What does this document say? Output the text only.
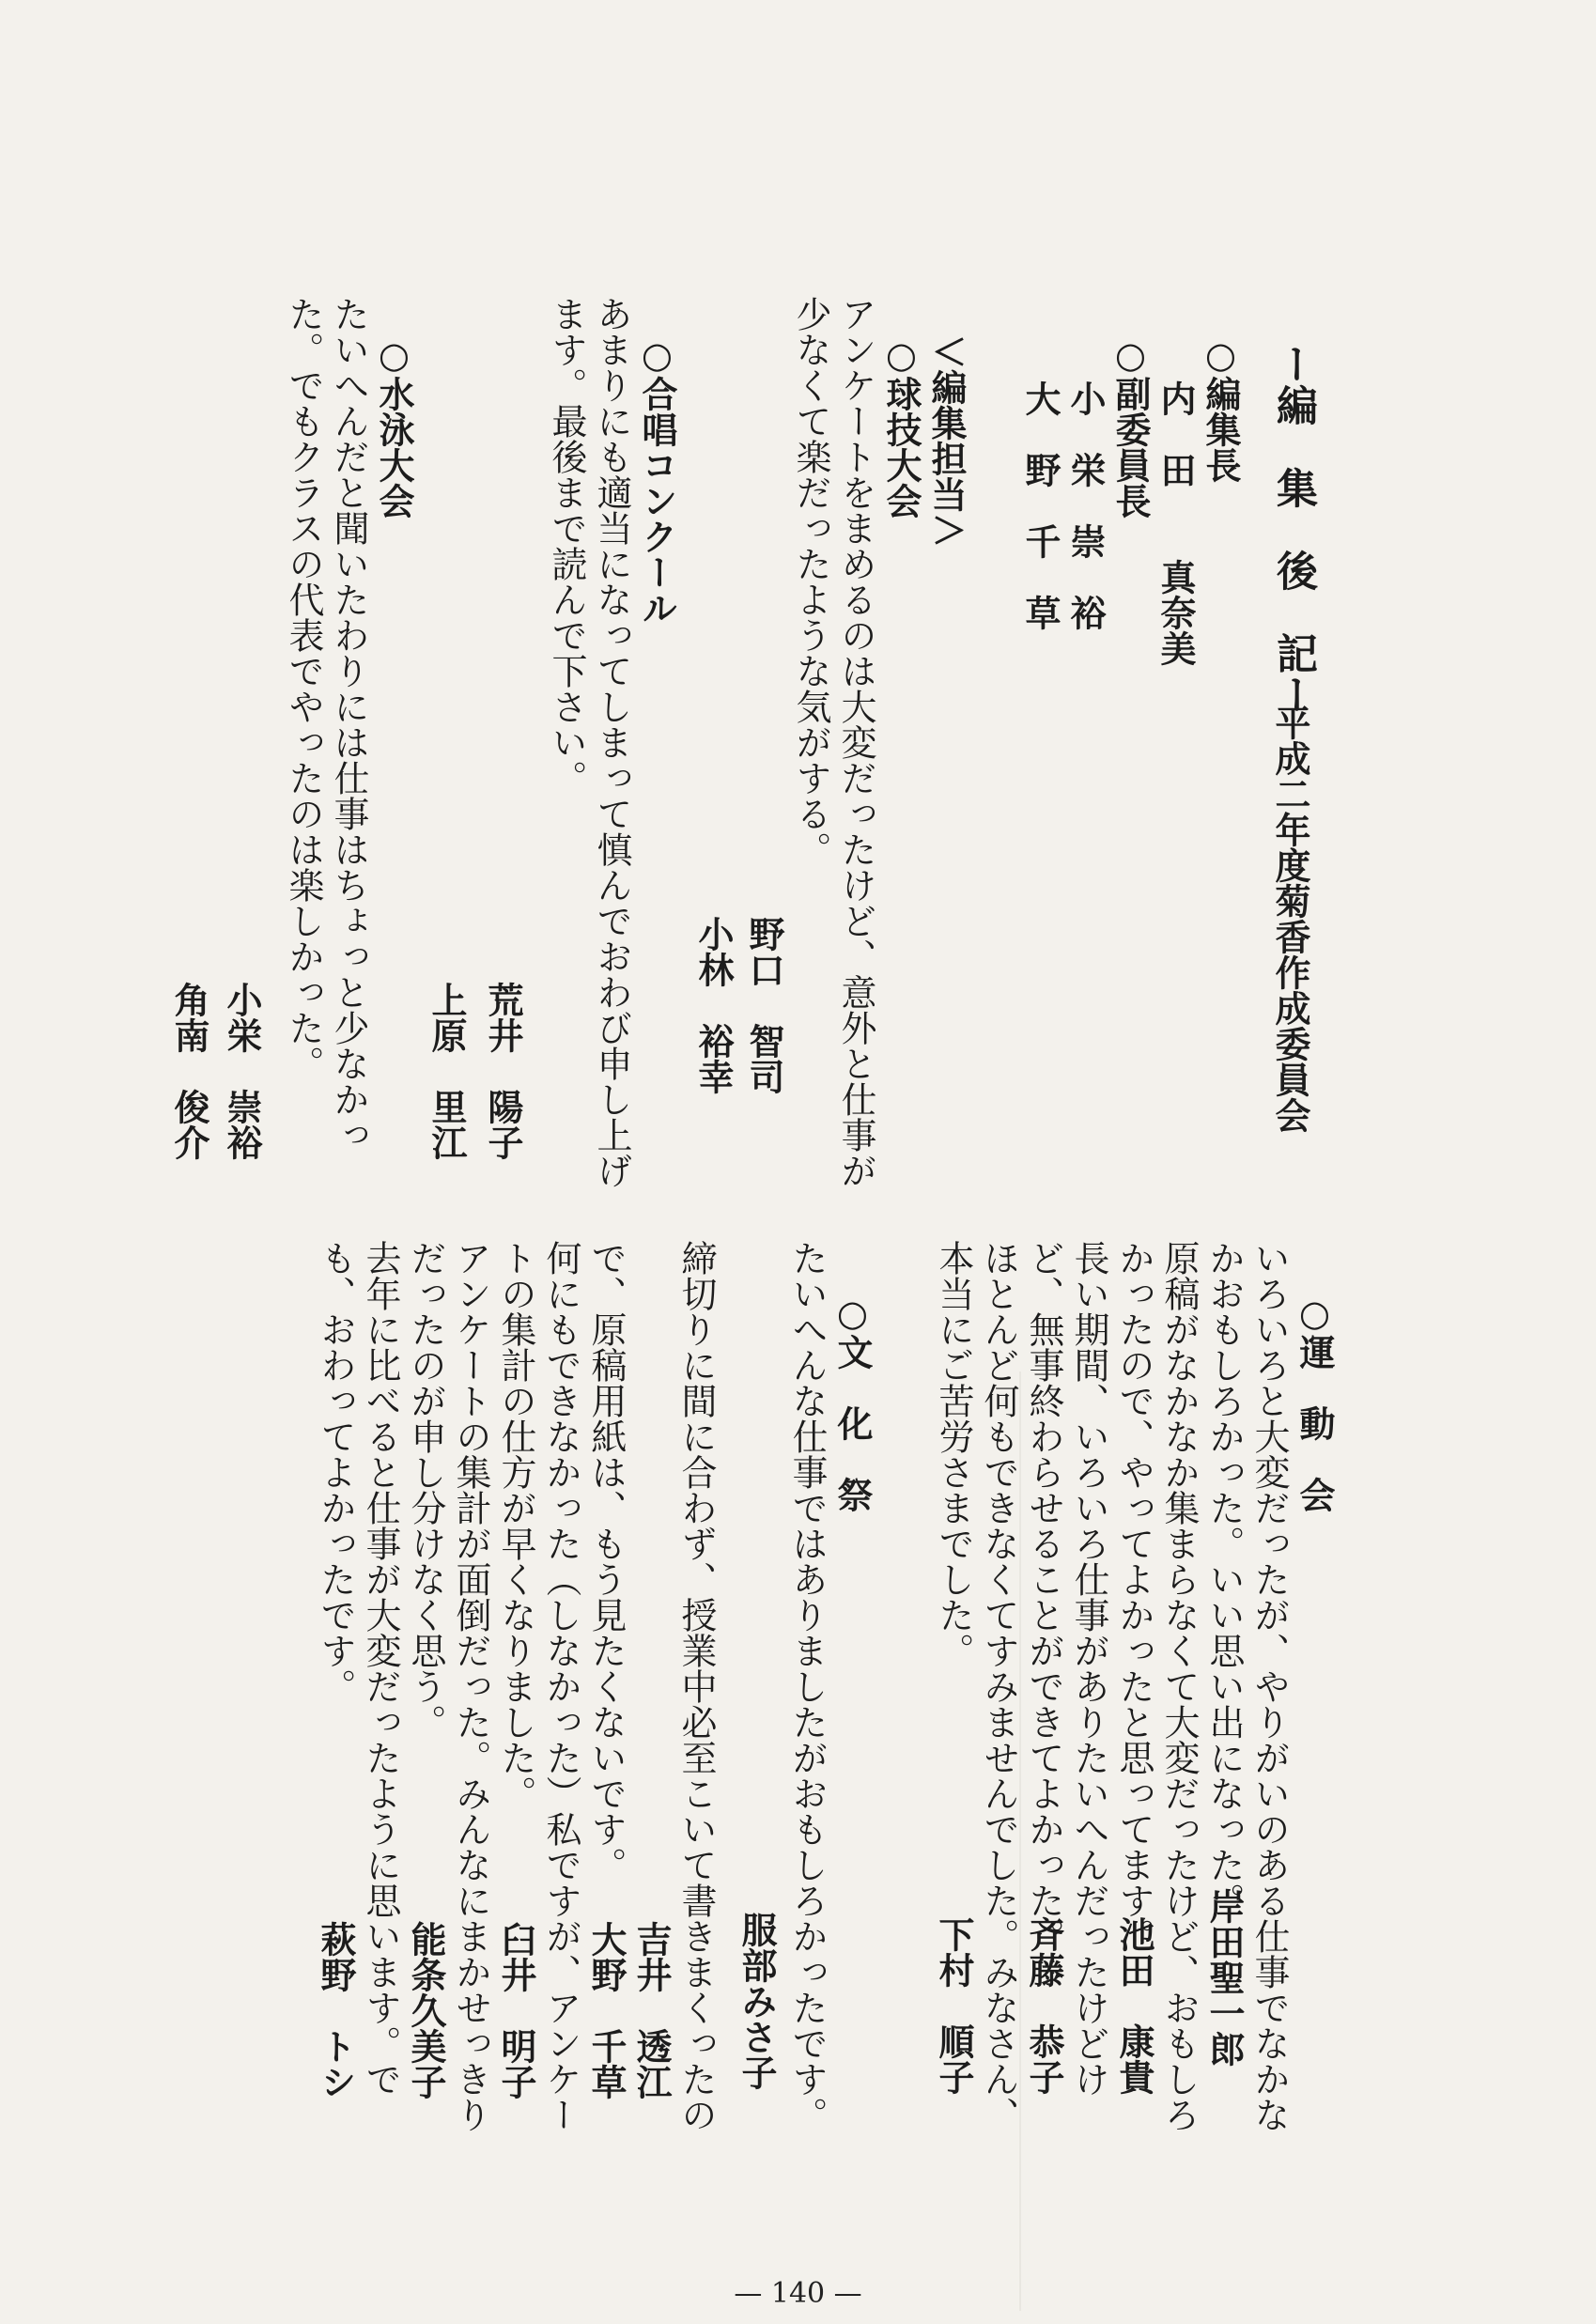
ー編　集　後　記ー
平成二年度菊香作成委員会
○編集長
内　田　　真奈美
○副委員長
小　栄　崇　裕
大　野　千　草
＜編集担当＞
○球技大会
アンケートをまめるのは大変だったけど、意外と仕事が
少なくて楽だったような気がする。
野口　智司
小林　裕幸
○合唱コンクール
あまりにも適当になってしまって慎んでおわび申し上げ
ます。最後まで読んで下さい。
荒井　陽子
上原　里江
○水泳大会
たいへんだと聞いたわりには仕事はちょっと少なかっ
た。でもクラスの代表でやったのは楽しかった。
小栄　崇裕
角南　俊介
○運　動　会
いろいろと大変だったが、やりがいのある仕事でなかな
かおもしろかった。いい思い出になった。
岸田聖一郎
原稿がなかなか集まらなくて大変だったけど、おもしろ
かったので、やってよかったと思ってます。
池田　康貴
長い期間、いろいろ仕事がありたいへんだったけどけ
ど、無事終わらせることができてよかった。
斉藤　恭子
ほとんど何もできなくてすみませんでした。みなさん、
本当にご苦労さまでした。
下村　順子
○文　化　祭
たいへんな仕事ではありましたがおもしろかったです。
服部みさ子
締切りに間に合わず、授業中必至こいて書きまくったの
吉井　透江
で、原稿用紙は、もう見たくないです。
大野　千草
何にもできなかった（しなかった）私ですが、アンケー
トの集計の仕方が早くなりました。
臼井　明子
アンケートの集計が面倒だった。みんなにまかせっきり
だったのが申し分けなく思う。
能条久美子
去年に比べると仕事が大変だったように思います。で
も、おわってよかったです。
萩野　トシ
— 140 —
